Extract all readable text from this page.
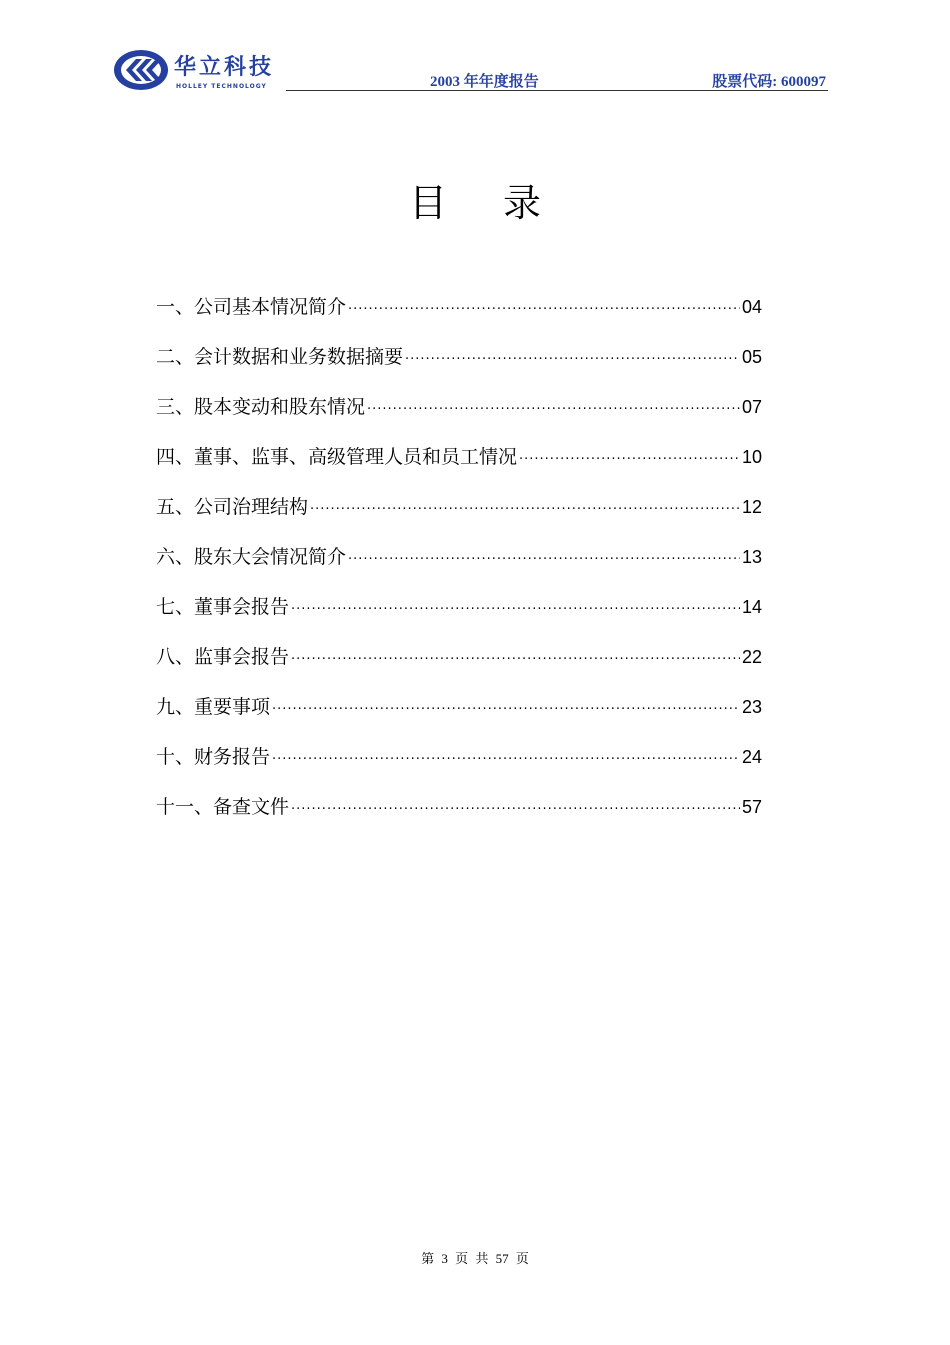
华立科技
HOLLEY TECHNOLOGY	2003 年年度报告	股票代码: 600097
目录
一、公司基本情况简介 ·····	04
二、会计数据和业务数据摘要 ·····	05
三、股本变动和股东情况 ·····	07
四、董事、监事、高级管理人员和员工情况 ·····	10
五、公司治理结构 ·····	12
六、股东大会情况简介 ·····	13
七、董事会报告 ·····	14
八、监事会报告 ·····	22
九、重要事项 ·····	23
十、财务报告 ·····	24
十一、备查文件 ·····	57
第 3 页 共 57 页
